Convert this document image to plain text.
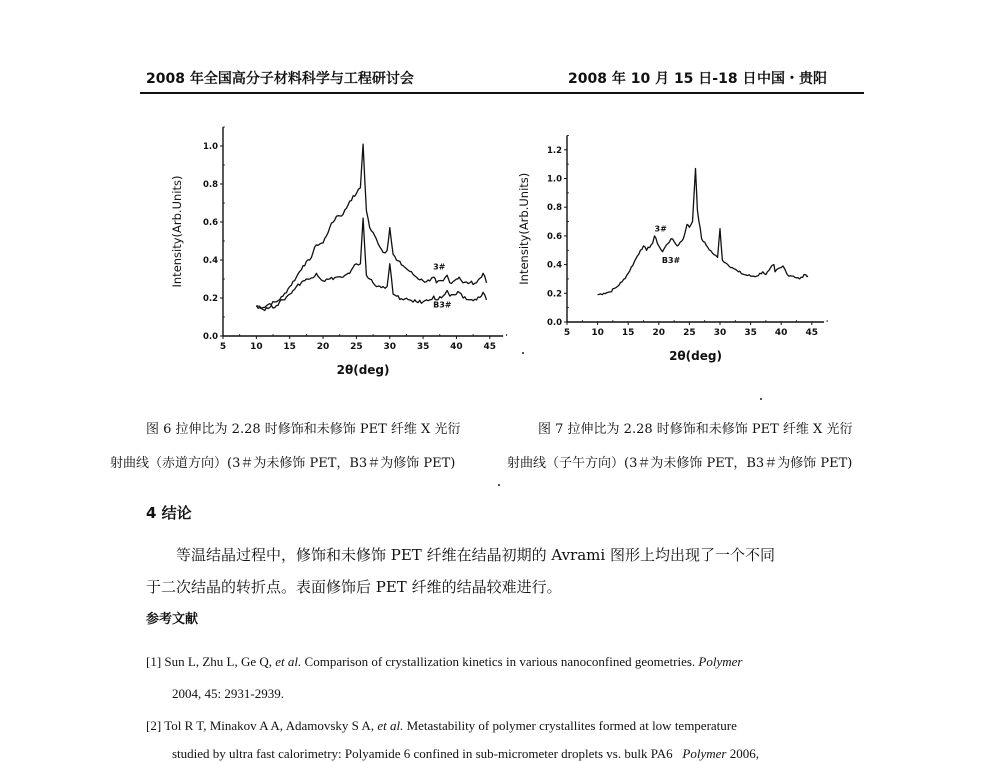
2008 年全国高分子材料科学与工程研讨会	2008 年 10 月 15 日-18 日 中国・贵阳
5	10 15 20 25 30 35 40 45
0.0
0.2
0.4
0.6
0.8
1.0
2θ(deg)
Intensity(Arb.Units)	3#
B3#
5 10 15 20 25 30 35 40 45
0.0
0.2
0.4
0.6
0.8
1.0
1.2
2θ(deg)
Intensity(Arb.Units)	3#
B3#
图 6 拉伸比为 2.28 时修饰和未修饰 PET 纤维 X 光衍
射曲线（赤道方向）(3＃为未修饰 PET，B3＃为修饰 PET)
图 7 拉伸比为 2.28 时修饰和未修饰 PET 纤维 X 光衍
射曲线（子午方向）(3＃为未修饰 PET，B3＃为修饰 PET)
4 结论
等温结晶过程中，修饰和未修饰 PET 纤维在结晶初期的 Avrami 图形上均出现了一个不同
于二次结晶的转折点。表面修饰后 PET 纤维的结晶较难进行。
参考文献
[1] Sun L, Zhu L, Ge Q, et al. Comparison of crystallization kinetics in various nanoconfined geometries. Polymer
2004, 45: 2931-2939.
[2] Tol R T, Minakov A A, Adamovsky S A, et al. Metastability of polymer crystallites formed at low temperature
studied by ultra fast calorimetry: Polyamide 6 confined in sub-micrometer droplets vs. bulk PA6 Polymer 2006,
